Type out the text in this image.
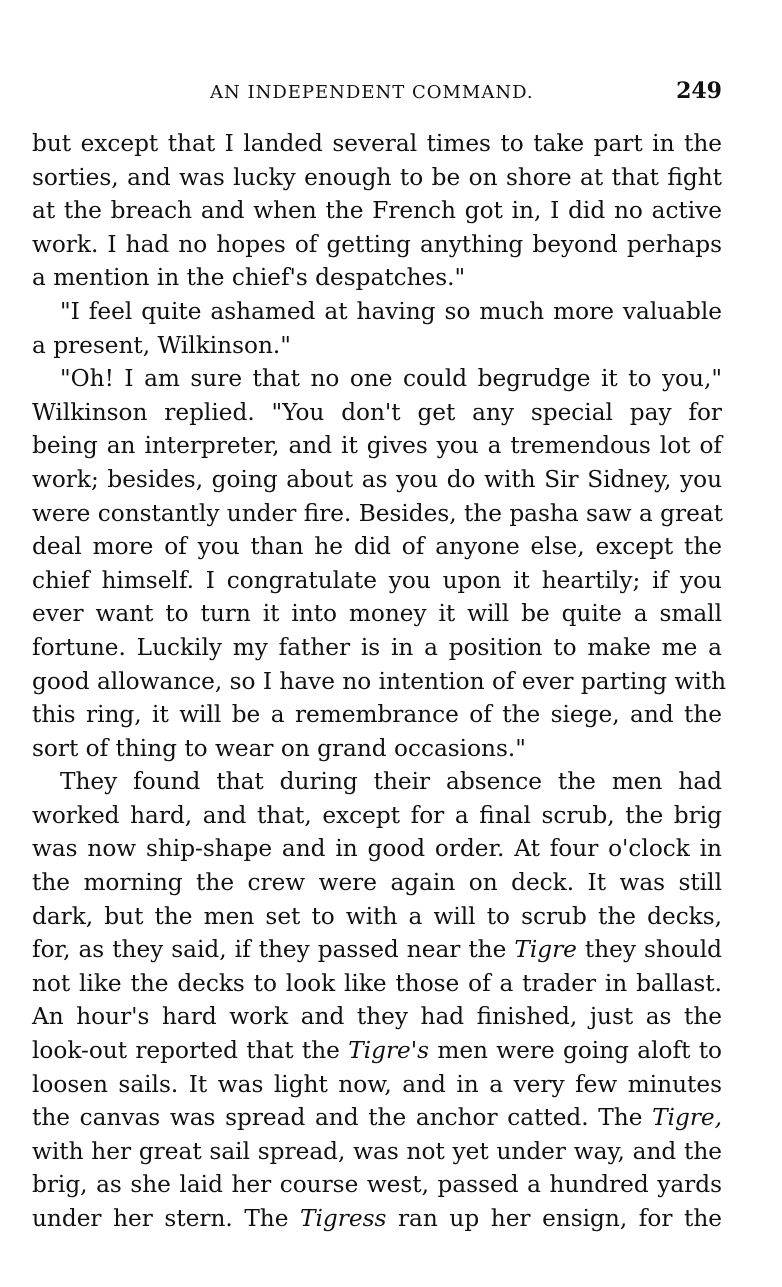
AN INDEPENDENT COMMAND.	249
but except that I landed several times to take part in the
sorties, and was lucky enough to be on shore at that fight
at the breach and when the French got in, I did no active
work. I had no hopes of getting anything beyond perhaps
a mention in the chief's despatches."
"I feel quite ashamed at having so much more valuable
a present, Wilkinson."
"Oh! I am sure that no one could begrudge it to you,"
Wilkinson replied. "You don't get any special pay for
being an interpreter, and it gives you a tremendous lot of
work; besides, going about as you do with Sir Sidney, you
were constantly under fire. Besides, the pasha saw a great
deal more of you than he did of anyone else, except the
chief himself. I congratulate you upon it heartily; if you
ever want to turn it into money it will be quite a small
fortune. Luckily my father is in a position to make me a
good allowance, so I have no intention of ever parting with
this ring, it will be a remembrance of the siege, and the
sort of thing to wear on grand occasions."
They found that during their absence the men had
worked hard, and that, except for a final scrub, the brig
was now ship-shape and in good order. At four o'clock in
the morning the crew were again on deck. It was still
dark, but the men set to with a will to scrub the decks,
for, as they said, if they passed near the Tigre they should
not like the decks to look like those of a trader in ballast.
An hour's hard work and they had finished, just as the
look-out reported that the Tigre's men were going aloft to
loosen sails. It was light now, and in a very few minutes
the canvas was spread and the anchor catted. The Tigre,
with her great sail spread, was not yet under way, and the
brig, as she laid her course west, passed a hundred yards
under her stern. The Tigress ran up her ensign, for the
